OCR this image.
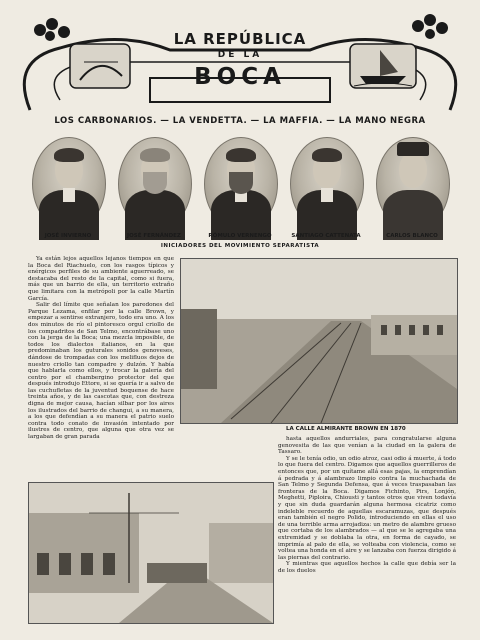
LA REPÚBLICA
DE LA
BOCA
LOS CARBONARIOS. — LA VENDETTA. — LA MAFFIA. — LA MANO NEGRA
JOSÉ INVIERNO	JOSÉ FERNÁNDEZ	RÓMULO VERNENGO	SANTIAGO CATTENATA	CARLOS BLANCO
INICIADORES DEL MOVIMIENTO SEPARATISTA

Ya están lejos aquellos lejanos tiempos en que la Boca del Riachuelo, con los rasgos típicos y enérgicos perfiles de su ambiente aguerreado, se destacaba del resto de la capital, como si fuera, más que un barrio de ella, un territorio extraño que limitara con la metrópoli por la calle Martín García.

Salir del límite que señalan los paredones del Parque Lezama, enfilar por la calle Brown, y empezar a sentirse extranjero, todo era uno. A los dos minutos de río el pintoresco orgul criollo de los compadritos de San Telmo, encontrábase uno con la jerga de la Boca; una mezcla imposible, de todos los dialectos italianos, en la que predominaban los guturales sonidos genoveses, dándose de trompadas con los melifluos dejos de nuestro criollo tan compadre y dulzón. Y había que hablarla como ellos, y trocar la galería del centro por el chambergino protector del que después introdujo Ettore, si se quería ir a salvo de las cuchufletas de la juventud boquense de hace treinta años, y de las cascotas que, con destreza digna de mejor causa, hacían silbar por los aires los ilustrados del barrio de changui, a su manera, a los que defendían a su manera el patrio suelo contra todo conato de invasión intentado por ilustres de centro, que alguna que otra vez se largaban de gran parada

LA CALLE ALMIRANTE BROWN EN 1870

hasta aquellos andurriales, para congratularse alguna genovesita de las que venían a la ciudad en la galera de Tassaro.

Y se le tenía odio, un odio atroz, casi odio á muerte, á todo lo que fuera del centro. Digamos que aquellos guerrilleros de entonces que, por un quítame allá esas pajas, la emprendían á pedrada y á alambrazo limpio contra la muchachada de San Telmo y Segunda Defensa, que á veces traspasaban las fronteras de la Boca. Digamos Fichinto, Pirs, Lonjón, Meghetti, Piploira, Chiousti y tantos otros que viven todavía y que sin duda guardarán alguna hermosa cicatriz como indeleble recuerdo de aquellas escaramuzas, que después eran también el negro Polido, introduciendo en ellas el uso de una terrible arma arrojadiza: un metro de alambre grueso que cortaba de los alambrados — al que se le agregaba una extremidad y se doblaba la otra, en forma de cayado, se imprimía al palo de ella, se volteaba con violencia, como se voltea una honda en el aire y se lanzaba con fuerza dirigido á las piernas del contrario.

Y mientras que aquellos hechos la calle que debía ser la de los duelos
